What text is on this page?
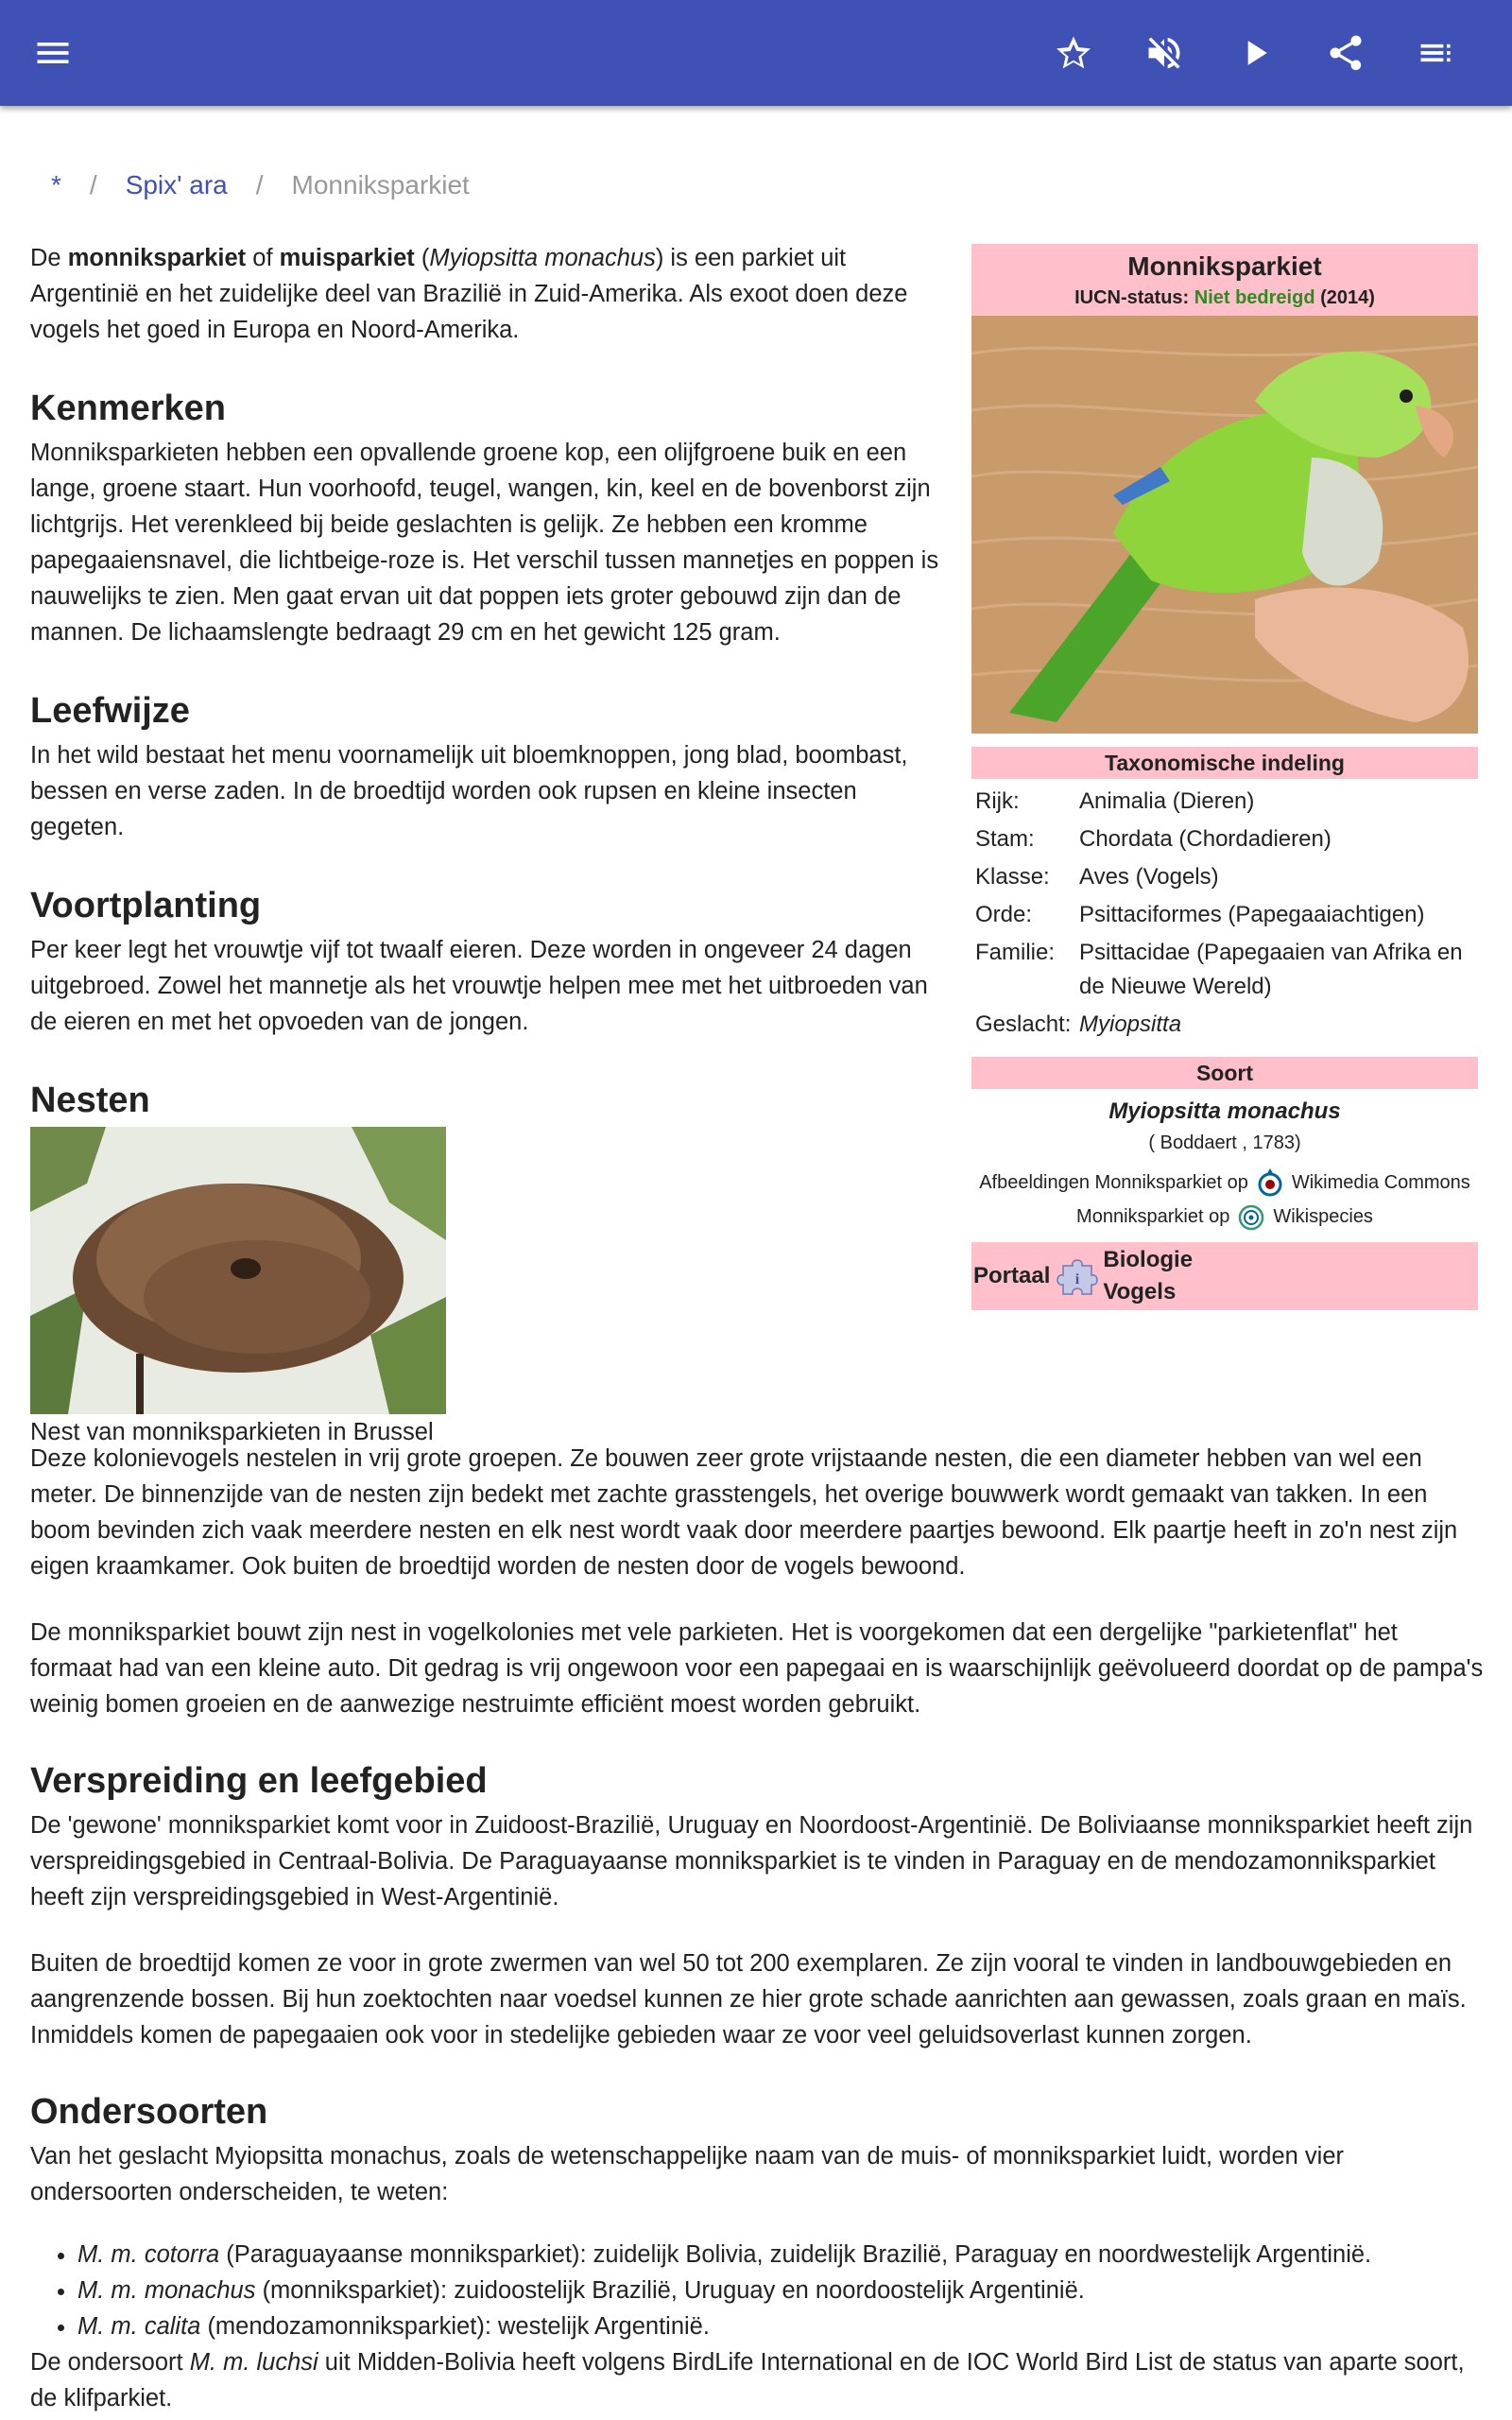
* / Spix' ara / Monniksparkiet

De monniksparkiet of muisparkiet (Myiopsitta monachus) is een parkiet uit Argentinië en het zuidelijke deel van Brazilië in Zuid-Amerika. Als exoot doen deze vogels het goed in Europa en Noord-Amerika.

Kenmerken

Monniksparkieten hebben een opvallende groene kop, een olijfgroene buik en een lange, groene staart. Hun voorhoofd, teugel, wangen, kin, keel en de bovenborst zijn lichtgrijs. Het verenkleed bij beide geslachten is gelijk. Ze hebben een kromme papegaaiensnavel, die lichtbeige-roze is. Het verschil tussen mannetjes en poppen is nauwelijks te zien. Men gaat ervan uit dat poppen iets groter gebouwd zijn dan de mannen. De lichaamslengte bedraagt 29 cm en het gewicht 125 gram.

Leefwijze

In het wild bestaat het menu voornamelijk uit bloemknoppen, jong blad, boombast, bessen en verse zaden. In de broedtijd worden ook rupsen en kleine insecten gegeten.

Voortplanting

Per keer legt het vrouwtje vijf tot twaalf eieren. Deze worden in ongeveer 24 dagen uitgebroed. Zowel het mannetje als het vrouwtje helpen mee met het uitbroeden van de eieren en met het opvoeden van de jongen.

Nesten

Nest van monniksparkieten in Brussel

Deze kolonievogels nestelen in vrij grote groepen. Ze bouwen zeer grote vrijstaande nesten, die een diameter hebben van wel een meter. De binnenzijde van de nesten zijn bedekt met zachte grasstengels, het overige bouwwerk wordt gemaakt van takken. In een boom bevinden zich vaak meerdere nesten en elk nest wordt vaak door meerdere paartjes bewoond. Elk paartje heeft in zo'n nest zijn eigen kraamkamer. Ook buiten de broedtijd worden de nesten door de vogels bewoond.

De monniksparkiet bouwt zijn nest in vogelkolonies met vele parkieten. Het is voorgekomen dat een dergelijke "parkietenflat" het formaat had van een kleine auto. Dit gedrag is vrij ongewoon voor een papegaai en is waarschijnlijk geëvolueerd doordat op de pampa's weinig bomen groeien en de aanwezige nestruimte efficiënt moest worden gebruikt.

Verspreiding en leefgebied

De 'gewone' monniksparkiet komt voor in Zuidoost-Brazilië, Uruguay en Noordoost-Argentinië. De Boliviaanse monniksparkiet heeft zijn verspreidingsgebied in Centraal-Bolivia. De Paraguayaanse monniksparkiet is te vinden in Paraguay en de mendozamonniksparkiet heeft zijn verspreidingsgebied in West-Argentinië.

Buiten de broedtijd komen ze voor in grote zwermen van wel 50 tot 200 exemplaren. Ze zijn vooral te vinden in landbouwgebieden en aangrenzende bossen. Bij hun zoektochten naar voedsel kunnen ze hier grote schade aanrichten aan gewassen, zoals graan en maïs. Inmiddels komen de papegaaien ook voor in stedelijke gebieden waar ze voor veel geluidsoverlast kunnen zorgen.

Ondersoorten

Van het geslacht Myiopsitta monachus, zoals de wetenschappelijke naam van de muis- of monniksparkiet luidt, worden vier ondersoorten onderscheiden, te weten:

• M. m. cotorra (Paraguayaanse monniksparkiet): zuidelijk Bolivia, zuidelijk Brazilië, Paraguay en noordwestelijk Argentinië.
• M. m. monachus (monniksparkiet): zuidoostelijk Brazilië, Uruguay en noordoostelijk Argentinië.
• M. m. calita (mendozamonniksparkiet): westelijk Argentinië.

De ondersoort M. m. luchsi uit Midden-Bolivia heeft volgens BirdLife International en de IOC World Bird List de status van aparte soort, de klifparkiet.

Monniksparkiet
IUCN-status: Niet bedreigd (2014)
Taxonomische indeling
Rijk:	Animalia (Dieren)
Stam:	Chordata (Chordadieren)
Klasse:	Aves (Vogels)
Orde:	Psittaciformes (Papegaaiachtigen)
Familie:	Psittacidae (Papegaaien van Afrika en de Nieuwe Wereld)
Geslacht:	Myiopsitta
Soort
Myiopsitta monachus
( Boddaert , 1783)
Afbeeldingen Monniksparkiet op Wikimedia Commons
Monniksparkiet op Wikispecies
Portaal i
Biologie
Vogels
